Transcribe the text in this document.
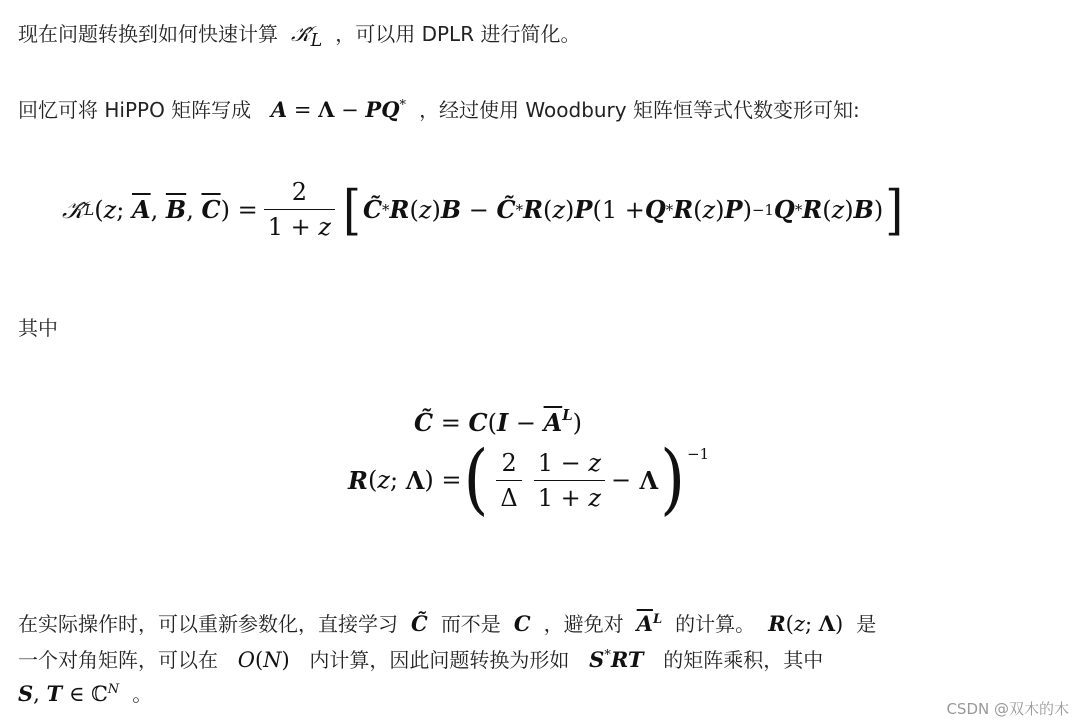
现在问题转换到如何快速计算 $𝒦̂_L$ ，可以用 DPLR 进行简化。
回忆可将 HiPPO 矩阵写成 A = Λ − PQ* ，经过使用 Woodbury 矩阵恒等式代数变形可知:
𝒦̂ L ( z ; $\overline{A}$ , $\overline{B}$ , $\overline{C}$ ) = $\frac{2}{1 + z}$ [ C̃ * R ( z ) B − C̃ * R ( z ) P (1 + Q * R ( z ) P ) −1 Q * R ( z ) B ) ]
其中
C̃ = C ( $I - \overline{A}^L$ )
R ( z ; Λ ) = ( $\frac{2}{\Delta} \frac{1 - z}{1 + z} - \Lambda$ )$^{-1}$
在实际操作时，可以重新参数化，直接学习 C̃ 而不是 C ，避免对 $\overline{A}^L$ 的计算。 R(z; Λ)  是
一个对角矩阵，可以在 O(N)   内计算，因此问题转换为形如 S*RT 的矩阵乘积，其中
S, T ∈ ℂ$^N$ 。
CSDN @双木的木
